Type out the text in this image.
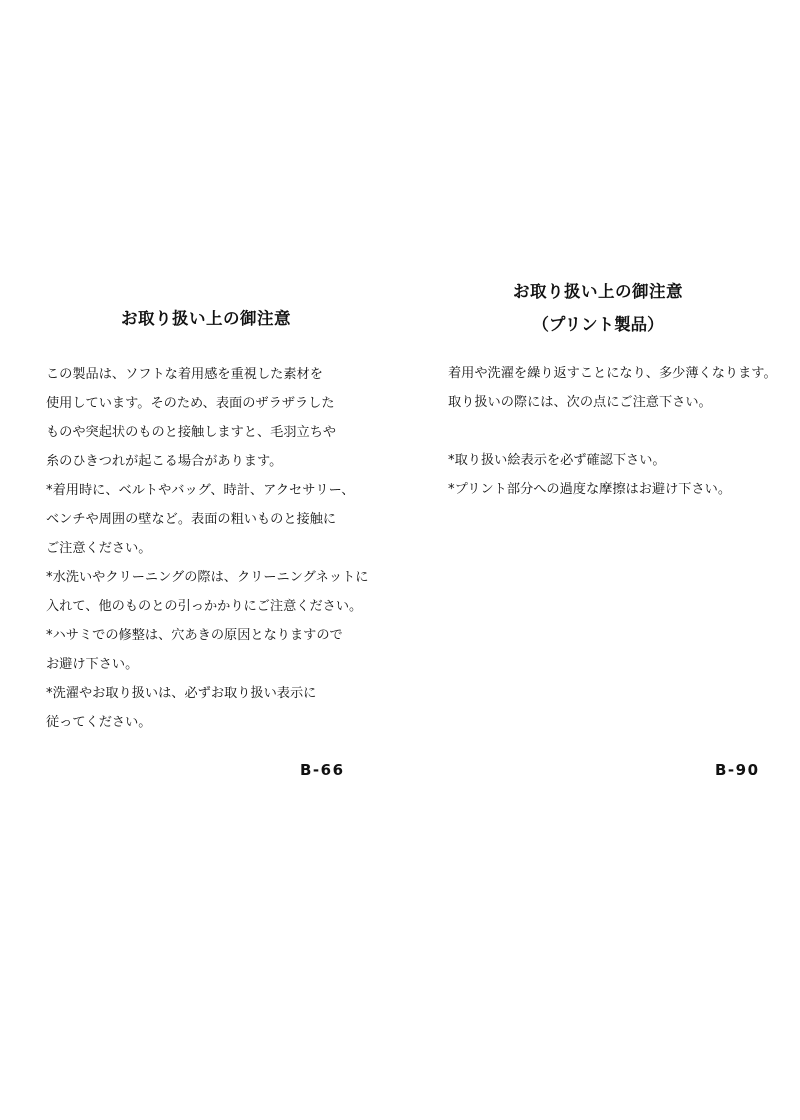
お取り扱い上の御注意
この製品は、ソフトな着用感を重視した素材を
使用しています。そのため、表面のザラザラした
ものや突起状のものと接触しますと、毛羽立ちや
糸のひきつれが起こる場合があります。
*着用時に、ベルトやバッグ、時計、アクセサリー、
ベンチや周囲の壁など。表面の粗いものと接触に
ご注意ください。
*水洗いやクリーニングの際は、クリーニングネットに
入れて、他のものとの引っかかりにご注意ください。
*ハサミでの修整は、穴あきの原因となりますので
お避け下さい。
*洗濯やお取り扱いは、必ずお取り扱い表示に
従ってください。
お取り扱い上の御注意
（プリント製品）
着用や洗濯を繰り返すことになり、多少薄くなります。
取り扱いの際には、次の点にご注意下さい。
*取り扱い絵表示を必ず確認下さい。
*プリント部分への過度な摩擦はお避け下さい。
B-66	B-90
